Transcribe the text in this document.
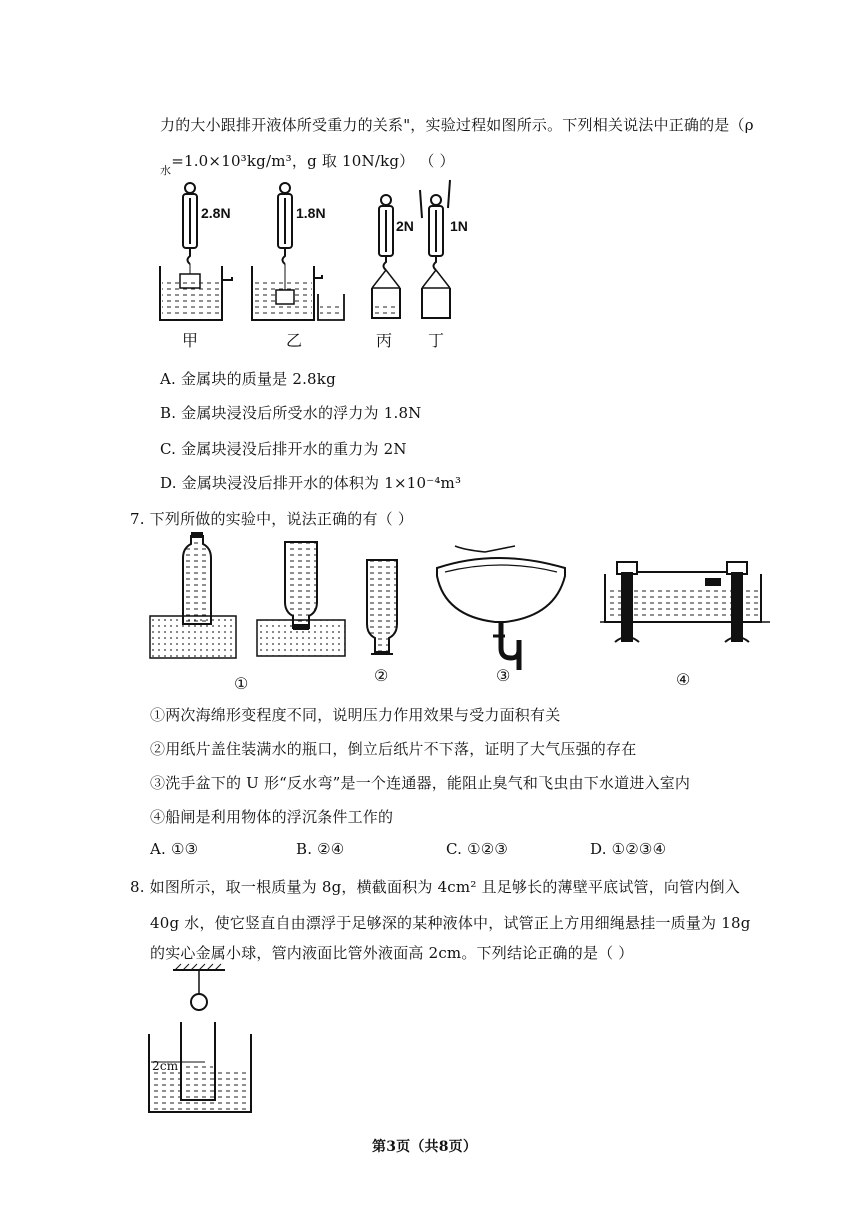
力的大小跟排开液体所受重力的关系"，实验过程如图所示。下列相关说法中正确的是（ρ
$_水$=1.0×10³kg/m³，g 取 10N/kg） （ ）
2.8N	1.8N
2N	1N
甲	乙	丙 丁
A. 金属块的质量是 2.8kg
B. 金属块浸没后所受水的浮力为 1.8N
C. 金属块浸没后排开水的重力为 2N
D. 金属块浸没后排开水的体积为 1×10⁻⁴m³
7. 下列所做的实验中，说法正确的有（ ）
①	②	③	④
①两次海绵形变程度不同，说明压力作用效果与受力面积有关
②用纸片盖住装满水的瓶口，倒立后纸片不下落，证明了大气压强的存在
③洗手盆下的 U 形“反水弯”是一个连通器，能阻止臭气和飞虫由下水道进入室内
④船闸是利用物体的浮沉条件工作的
A. ①③	B. ②④	C. ①②③	D. ①②③④
8. 如图所示，取一根质量为 8g，横截面积为 4cm² 且足够长的薄壁平底试管，向管内倒入
40g 水，使它竖直自由漂浮于足够深的某种液体中，试管正上方用细绳悬挂一质量为 18g
的实心金属小球，管内液面比管外液面高 2cm。下列结论正确的是（ ）
2cm
第3页（共8页）
